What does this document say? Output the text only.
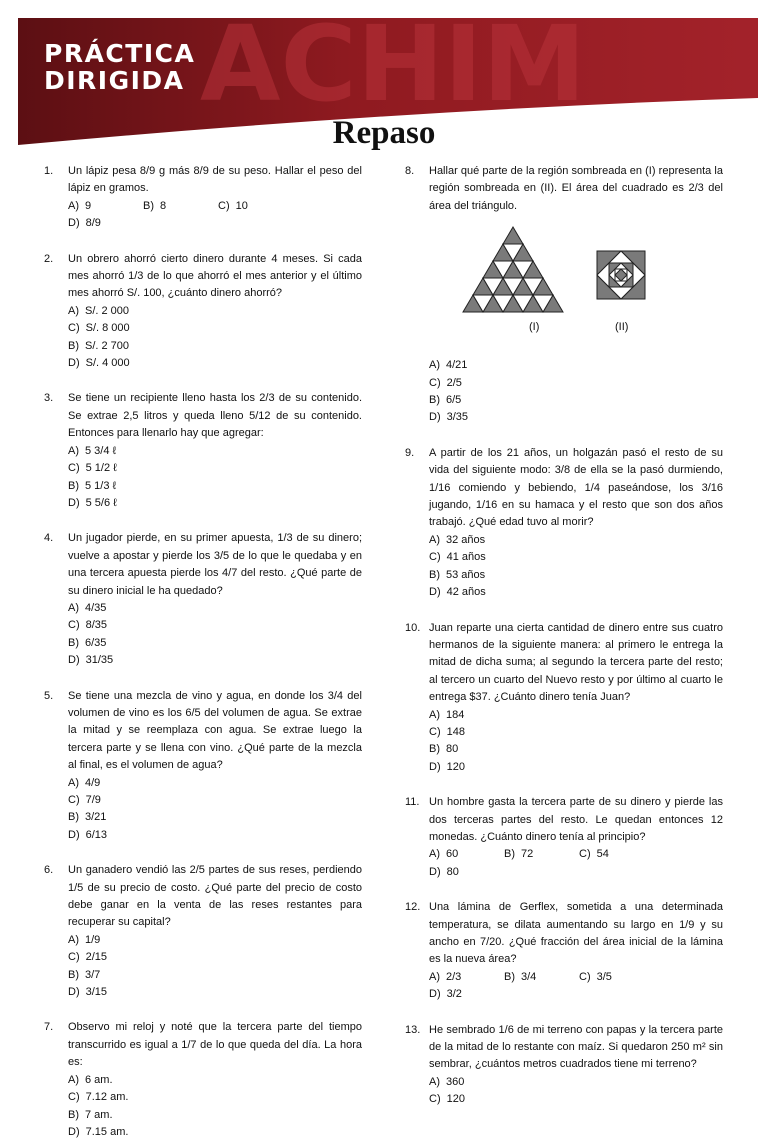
ACHIM
PRÁCTICA
DIRIGIDA
Repaso
1. Un lápiz pesa 8/9 g más 8/9 de su peso. Hallar el peso del lápiz en gramos.
A) 9	B) 8	C) 10
D) 8/9
2. Un obrero ahorró cierto dinero durante 4 meses. Si cada mes ahorró 1/3 de lo que ahorró el mes anterior y el último mes ahorró S/. 100, ¿cuánto dinero ahorró?
A) S/. 2 000
C) S/. 8 000
B) S/. 2 700
D) S/. 4 000
3. Se tiene un recipiente lleno hasta los 2/3 de su contenido. Se extrae 2,5 litros y queda lleno 5/12 de su contenido. Entonces para llenarlo hay que agregar:
A) 5 3/4 ℓ
C) 5 1/2 ℓ
B) 5 1/3 ℓ
D) 5 5/6 ℓ
4. Un jugador pierde, en su primer apuesta, 1/3 de su dinero; vuelve a apostar y pierde los 3/5 de lo que le quedaba y en una tercera apuesta pierde los 4/7 del resto. ¿Qué parte de su dinero inicial le ha quedado?
A) 4/35
C) 8/35
B) 6/35
D) 31/35
5. Se tiene una mezcla de vino y agua, en donde los 3/4 del volumen de vino es los 6/5 del volumen de agua. Se extrae la mitad y se reemplaza con agua. Se extrae luego la tercera parte y se llena con vino. ¿Qué parte de la mezcla al final, es el volumen de agua?
A) 4/9
C) 7/9
B) 3/21
D) 6/13
6. Un ganadero vendió las 2/5 partes de sus reses, perdiendo 1/5 de su precio de costo. ¿Qué parte del precio de costo debe ganar en la venta de las reses restantes para recuperar su capital?
A) 1/9
C) 2/15
B) 3/7
D) 3/15
7. Observo mi reloj y noté que la tercera parte del tiempo transcurrido es igual a 1/7 de lo que queda del día. La hora es:
A) 6 am.
C) 7.12 am.
B) 7 am.
D) 7.15 am.
8. Hallar qué parte de la región sombreada en (I) representa la región sombreada en (II). El área del cuadrado es 2/3 del área del triángulo.
(I)	(II)
A) 4/21
C) 2/5
B) 6/5
D) 3/35
9. A partir de los 21 años, un holgazán pasó el resto de su vida del siguiente modo: 3/8 de ella se la pasó durmiendo, 1/16 comiendo y bebiendo, 1/4 paseándose, los 3/16 jugando, 1/16 en su hamaca y el resto que son dos años trabajó. ¿Qué edad tuvo al morir?
A) 32 años
C) 41 años
B) 53 años
D) 42 años
10. Juan reparte una cierta cantidad de dinero entre sus cuatro hermanos de la siguiente manera: al primero le entrega la mitad de dicha suma; al segundo la tercera parte del resto; al tercero un cuarto del Nuevo resto y por último al cuarto le entrega $37. ¿Cuánto dinero tenía Juan?
A) 184
C) 148
B) 80
D) 120
11. Un hombre gasta la tercera parte de su dinero y pierde las dos terceras partes del resto. Le quedan entonces 12 monedas. ¿Cuánto dinero tenía al principio?
A) 60	B) 72	C) 54
D) 80
12. Una lámina de Gerflex, sometida a una determinada temperatura, se dilata aumentando su largo en 1/9 y su ancho en 7/20. ¿Qué fracción del área inicial de la lámina es la nueva área?
A) 2/3	B) 3/4	C) 3/5
D) 3/2
13. He sembrado 1/6 de mi terreno con papas y la tercera parte de la mitad de lo restante con maíz. Si quedaron 250 m² sin sembrar, ¿cuántos metros cuadrados tiene mi terreno?
A) 360
C) 120
